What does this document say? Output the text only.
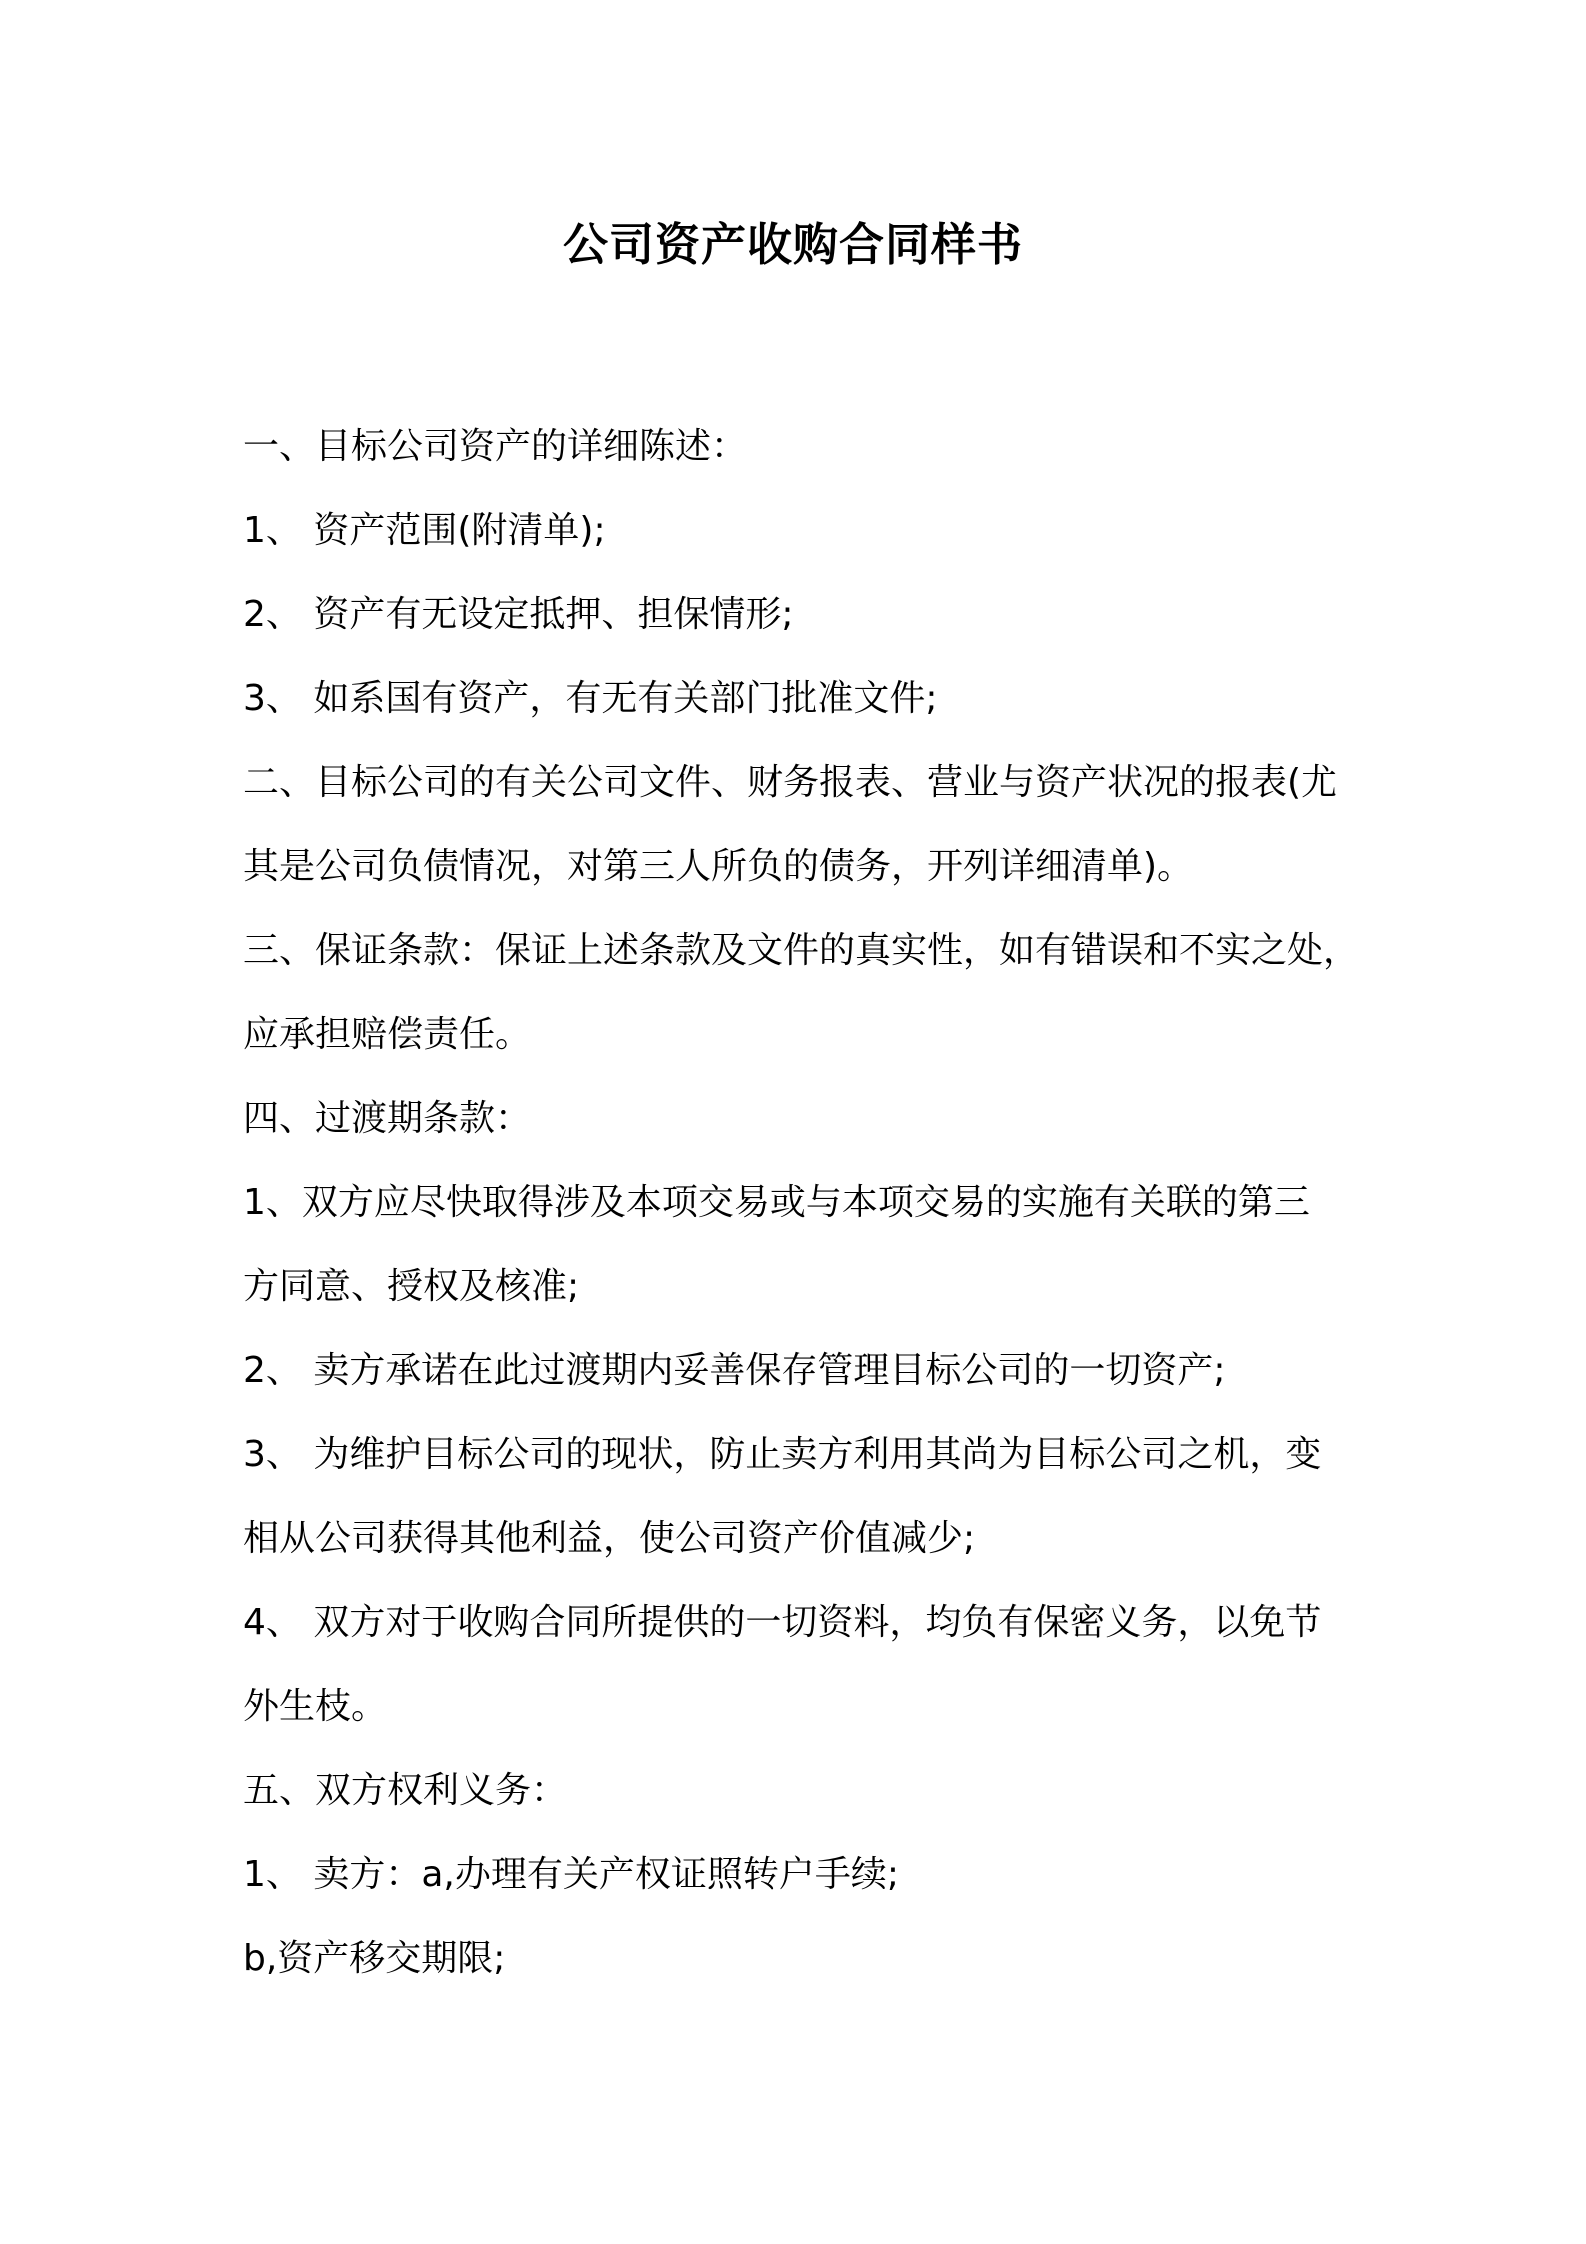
公司资产收购合同样书
一、目标公司资产的详细陈述：
1、 资产范围(附清单);
2、 资产有无设定抵押、担保情形;
3、 如系国有资产，有无有关部门批准文件;
二、目标公司的有关公司文件、财务报表、营业与资产状况的报表(尤
其是公司负债情况，对第三人所负的债务，开列详细清单)。
三、保证条款：保证上述条款及文件的真实性，如有错误和不实之处，
应承担赔偿责任。
四、过渡期条款：
1、双方应尽快取得涉及本项交易或与本项交易的实施有关联的第三
方同意、授权及核准;
2、 卖方承诺在此过渡期内妥善保存管理目标公司的一切资产;
3、 为维护目标公司的现状，防止卖方利用其尚为目标公司之机，变
相从公司获得其他利益，使公司资产价值减少;
4、 双方对于收购合同所提供的一切资料，均负有保密义务，以免节
外生枝。
五、双方权利义务：
1、 卖方：a,办理有关产权证照转户手续;
b,资产移交期限;
